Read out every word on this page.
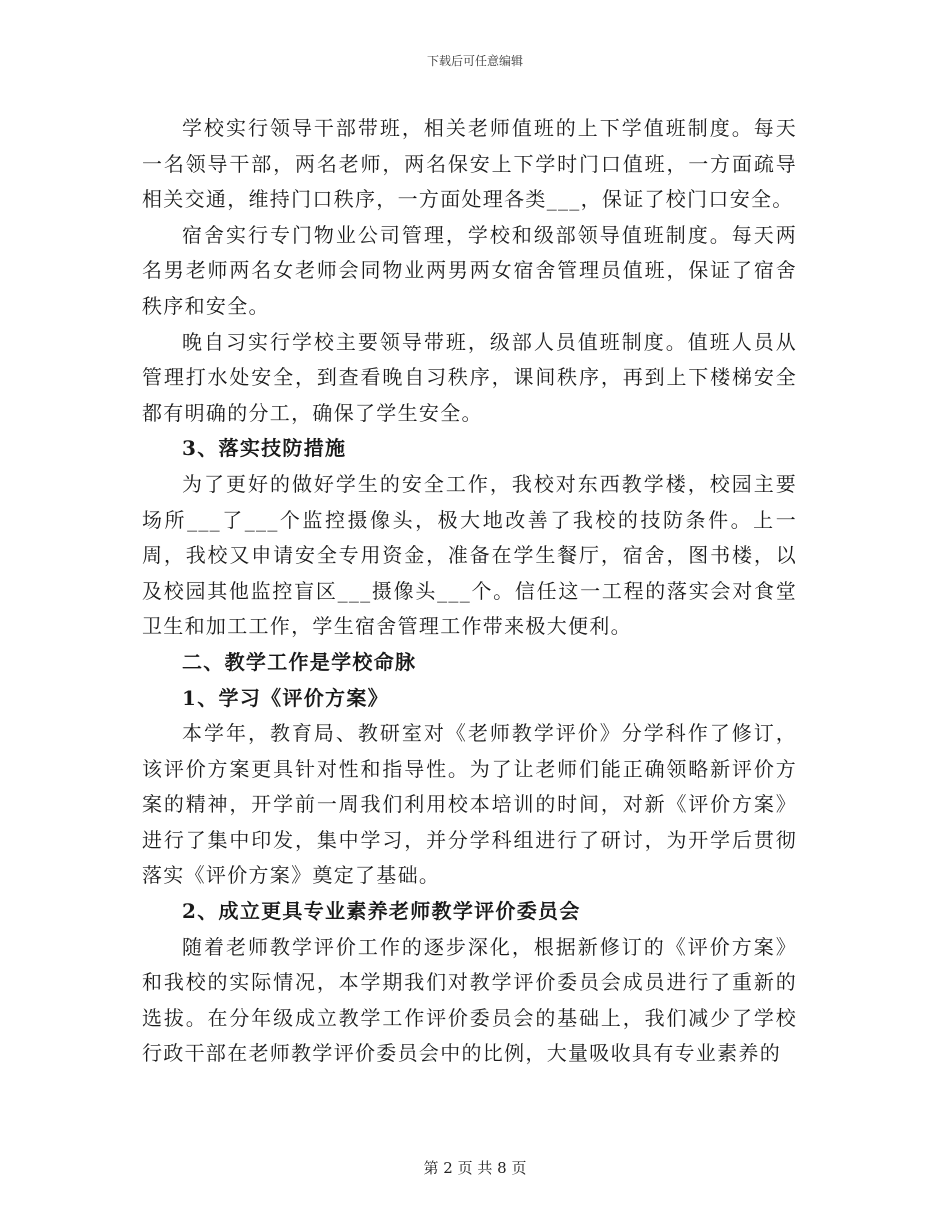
下载后可任意编辑

学校实行领导干部带班，相关老师值班的上下学值班制度。每天一名领导干部，两名老师，两名保安上下学时门口值班，一方面疏导相关交通，维持门口秩序，一方面处理各类___，保证了校门口安全。

宿舍实行专门物业公司管理，学校和级部领导值班制度。每天两名男老师两名女老师会同物业两男两女宿舍管理员值班，保证了宿舍秩序和安全。

晚自习实行学校主要领导带班，级部人员值班制度。值班人员从管理打水处安全，到查看晚自习秩序，课间秩序，再到上下楼梯安全都有明确的分工，确保了学生安全。

3、落实技防措施

为了更好的做好学生的安全工作，我校对东西教学楼，校园主要场所___了___个监控摄像头，极大地改善了我校的技防条件。上一周，我校又申请安全专用资金，准备在学生餐厅，宿舍，图书楼，以及校园其他监控盲区___摄像头___个。信任这一工程的落实会对食堂卫生和加工工作，学生宿舍管理工作带来极大便利。

二、教学工作是学校命脉

1、学习《评价方案》

本学年，教育局、教研室对《老师教学评价》分学科作了修订，该评价方案更具针对性和指导性。为了让老师们能正确领略新评价方案的精神，开学前一周我们利用校本培训的时间，对新《评价方案》进行了集中印发，集中学习，并分学科组进行了研讨，为开学后贯彻落实《评价方案》奠定了基础。

2、成立更具专业素养老师教学评价委员会

随着老师教学评价工作的逐步深化，根据新修订的《评价方案》和我校的实际情况，本学期我们对教学评价委员会成员进行了重新的选拔。在分年级成立教学工作评价委员会的基础上，我们减少了学校行政干部在老师教学评价委员会中的比例，大量吸收具有专业素养的

第 2 页 共 8 页
